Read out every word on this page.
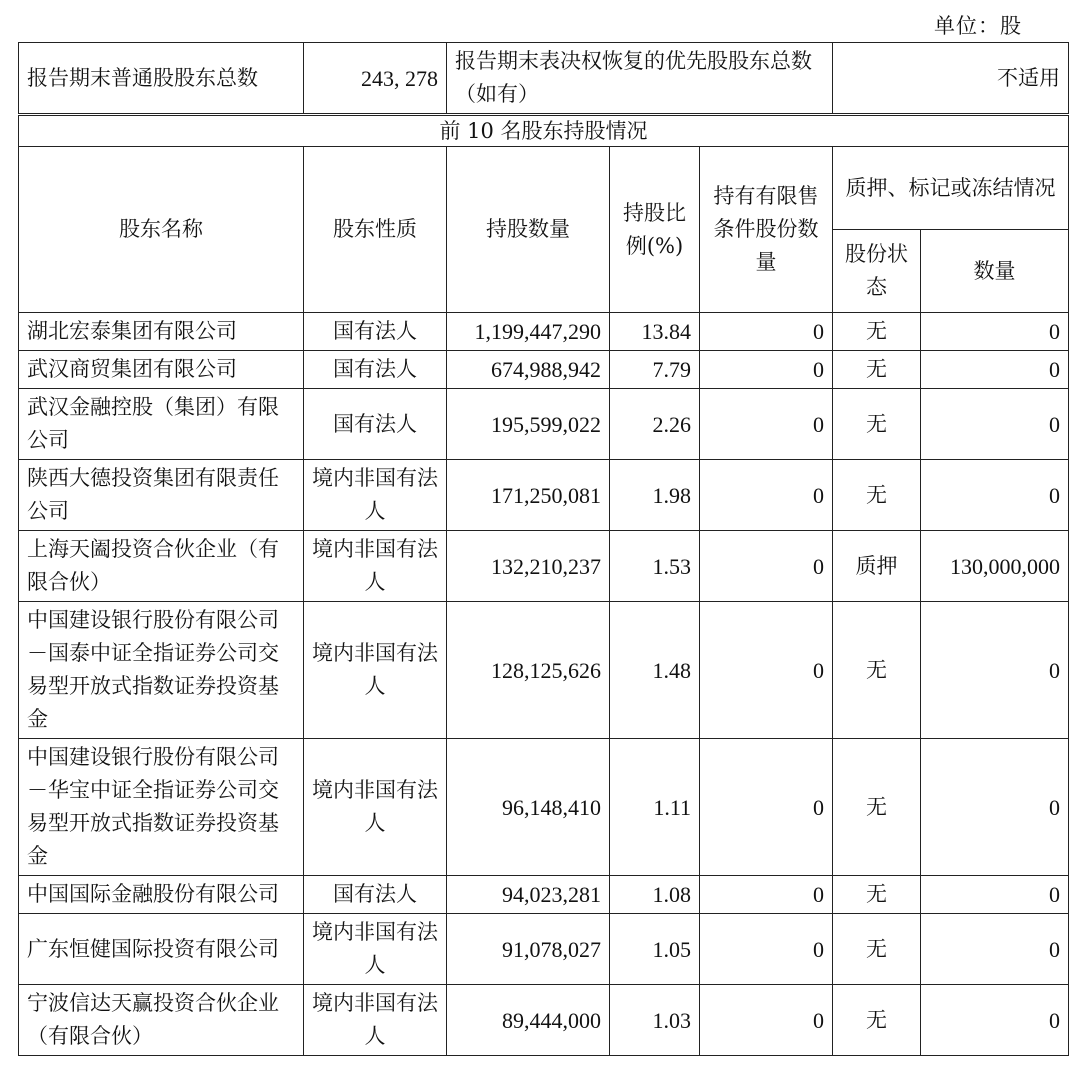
单位：股
报告期末普通股股东总数	243, 278	报告期末表决权恢复的优先股股东总数（如有）			不适用	
前 10 名股东持股情况						
股东名称	股东性质	持股数量	持股比例(%)	持有有限售条件股份数量	质押、标记或冻结情况	
					股份状态	数量
湖北宏泰集团有限公司	国有法人	1,199,447,290	13.84	0	无	0
武汉商贸集团有限公司	国有法人	674,988,942	7.79	0	无	0
武汉金融控股（集团）有限公司	国有法人	195,599,022	2.26	0	无	0
陕西大德投资集团有限责任公司	境内非国有法人	171,250,081	1.98	0	无	0
上海天阖投资合伙企业（有限合伙）	境内非国有法人	132,210,237	1.53	0	质押	130,000,000
中国建设银行股份有限公司－国泰中证全指证券公司交易型开放式指数证券投资基金	境内非国有法人	128,125,626	1.48	0	无	0
中国建设银行股份有限公司－华宝中证全指证券公司交易型开放式指数证券投资基金	境内非国有法人	96,148,410	1.11	0	无	0
中国国际金融股份有限公司	国有法人	94,023,281	1.08	0	无	0
广东恒健国际投资有限公司	境内非国有法人	91,078,027	1.05	0	无	0
宁波信达天赢投资合伙企业（有限合伙）	境内非国有法人	89,444,000	1.03	0	无	0
